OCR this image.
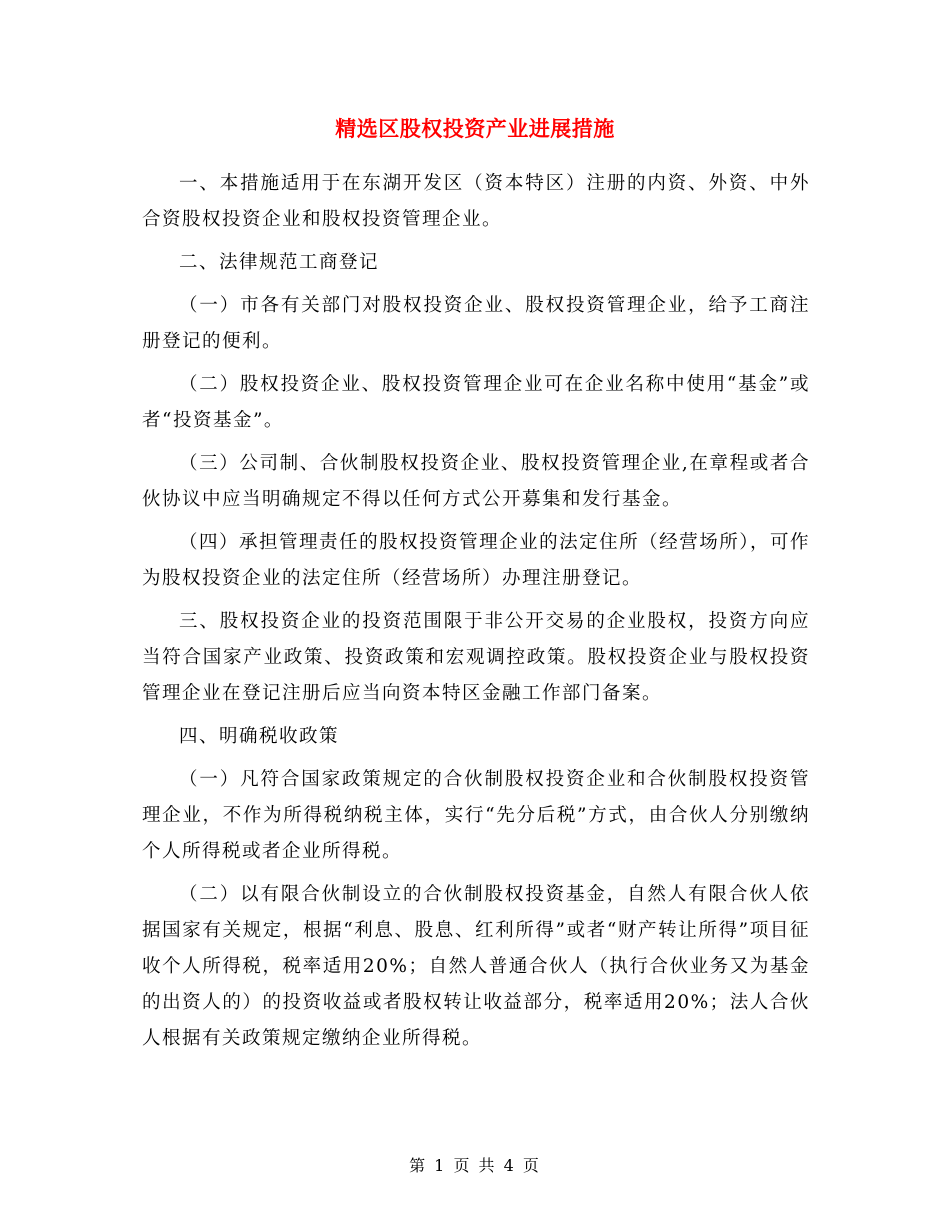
精选区股权投资产业进展措施

一、本措施适用于在东湖开发区（资本特区）注册的内资、外资、中外合资股权投资企业和股权投资管理企业。

二、法律规范工商登记

（一）市各有关部门对股权投资企业、股权投资管理企业，给予工商注册登记的便利。

（二）股权投资企业、股权投资管理企业可在企业名称中使用“基金”或者“投资基金”。

（三）公司制、合伙制股权投资企业、股权投资管理企业,在章程或者合伙协议中应当明确规定不得以任何方式公开募集和发行基金。

（四）承担管理责任的股权投资管理企业的法定住所（经营场所），可作为股权投资企业的法定住所（经营场所）办理注册登记。

三、股权投资企业的投资范围限于非公开交易的企业股权，投资方向应当符合国家产业政策、投资政策和宏观调控政策。股权投资企业与股权投资管理企业在登记注册后应当向资本特区金融工作部门备案。

四、明确税收政策

（一）凡符合国家政策规定的合伙制股权投资企业和合伙制股权投资管理企业，不作为所得税纳税主体，实行“先分后税”方式，由合伙人分别缴纳个人所得税或者企业所得税。

（二）以有限合伙制设立的合伙制股权投资基金，自然人有限合伙人依据国家有关规定，根据“利息、股息、红利所得”或者“财产转让所得”项目征收个人所得税，税率适用20%；自然人普通合伙人（执行合伙业务又为基金的出资人的）的投资收益或者股权转让收益部分，税率适用20%；法人合伙人根据有关政策规定缴纳企业所得税。

第 1 页 共 4 页
